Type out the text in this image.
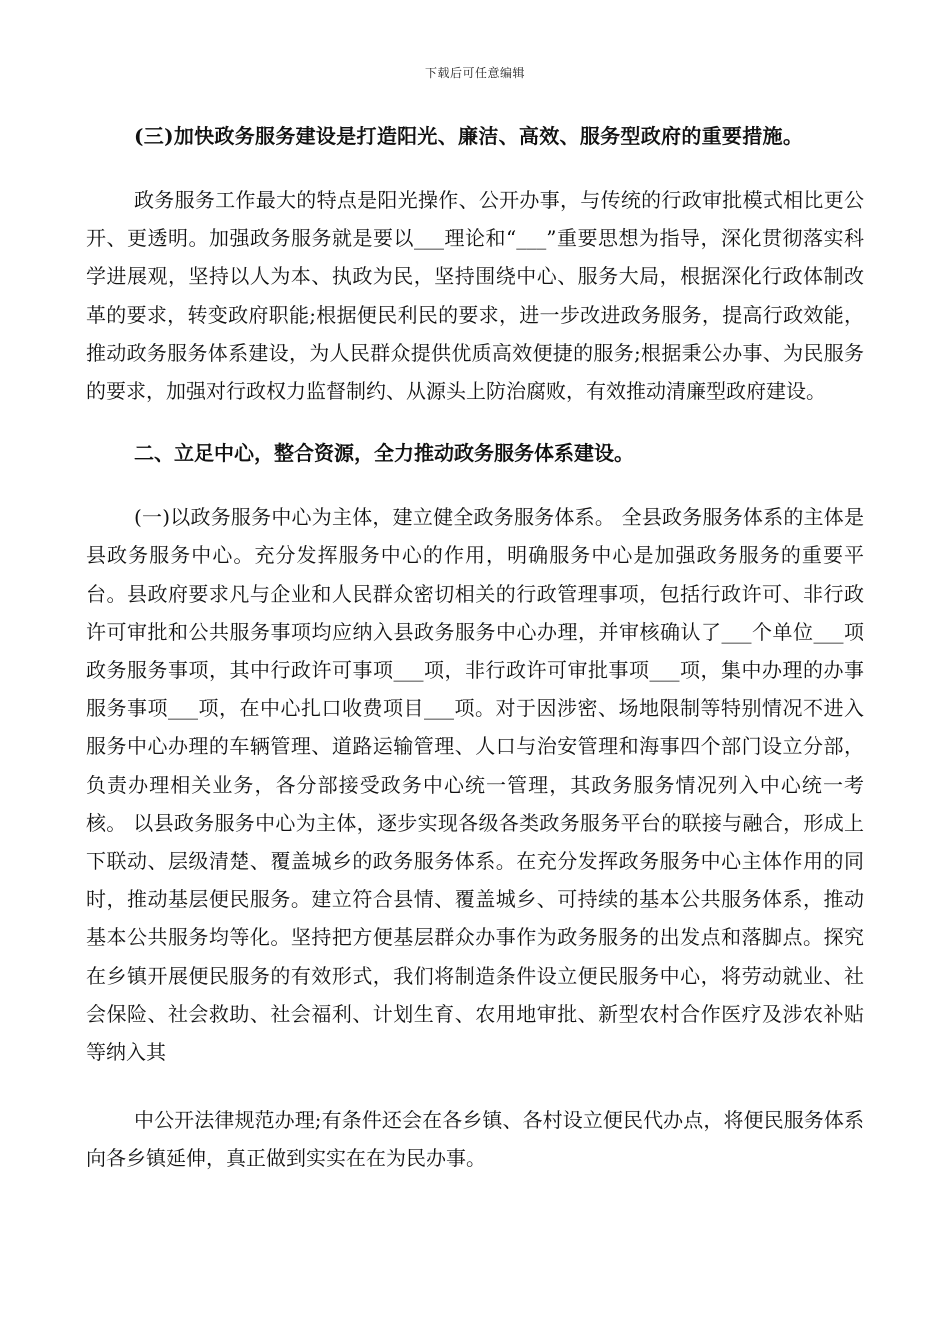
下载后可任意编辑

(三)加快政务服务建设是打造阳光、廉洁、高效、服务型政府的重要措施。

政务服务工作最大的特点是阳光操作、公开办事，与传统的行政审批模式相比更公开、更透明。加强政务服务就是要以___理论和“___”重要思想为指导，深化贯彻落实科学进展观，坚持以人为本、执政为民，坚持围绕中心、服务大局，根据深化行政体制改革的要求，转变政府职能;根据便民利民的要求，进一步改进政务服务，提高行政效能，推动政务服务体系建设，为人民群众提供优质高效便捷的服务;根据秉公办事、为民服务的要求，加强对行政权力监督制约、从源头上防治腐败，有效推动清廉型政府建设。

二、立足中心，整合资源，全力推动政务服务体系建设。

(一)以政务服务中心为主体，建立健全政务服务体系。 全县政务服务体系的主体是县政务服务中心。充分发挥服务中心的作用，明确服务中心是加强政务服务的重要平台。县政府要求凡与企业和人民群众密切相关的行政管理事项，包括行政许可、非行政许可审批和公共服务事项均应纳入县政务服务中心办理，并审核确认了___个单位___项政务服务事项，其中行政许可事项___项，非行政许可审批事项___项，集中办理的办事服务事项___项，在中心扎口收费项目___项。对于因涉密、场地限制等特别情况不进入服务中心办理的车辆管理、道路运输管理、人口与治安管理和海事四个部门设立分部，负责办理相关业务，各分部接受政务中心统一管理，其政务服务情况列入中心统一考核。 以县政务服务中心为主体，逐步实现各级各类政务服务平台的联接与融合，形成上下联动、层级清楚、覆盖城乡的政务服务体系。在充分发挥政务服务中心主体作用的同时，推动基层便民服务。建立符合县情、覆盖城乡、可持续的基本公共服务体系，推动基本公共服务均等化。坚持把方便基层群众办事作为政务服务的出发点和落脚点。探究在乡镇开展便民服务的有效形式，我们将制造条件设立便民服务中心，将劳动就业、社会保险、社会救助、社会福利、计划生育、农用地审批、新型农村合作医疗及涉农补贴等纳入其

中公开法律规范办理;有条件还会在各乡镇、各村设立便民代办点，将便民服务体系向各乡镇延伸，真正做到实实在在为民办事。
